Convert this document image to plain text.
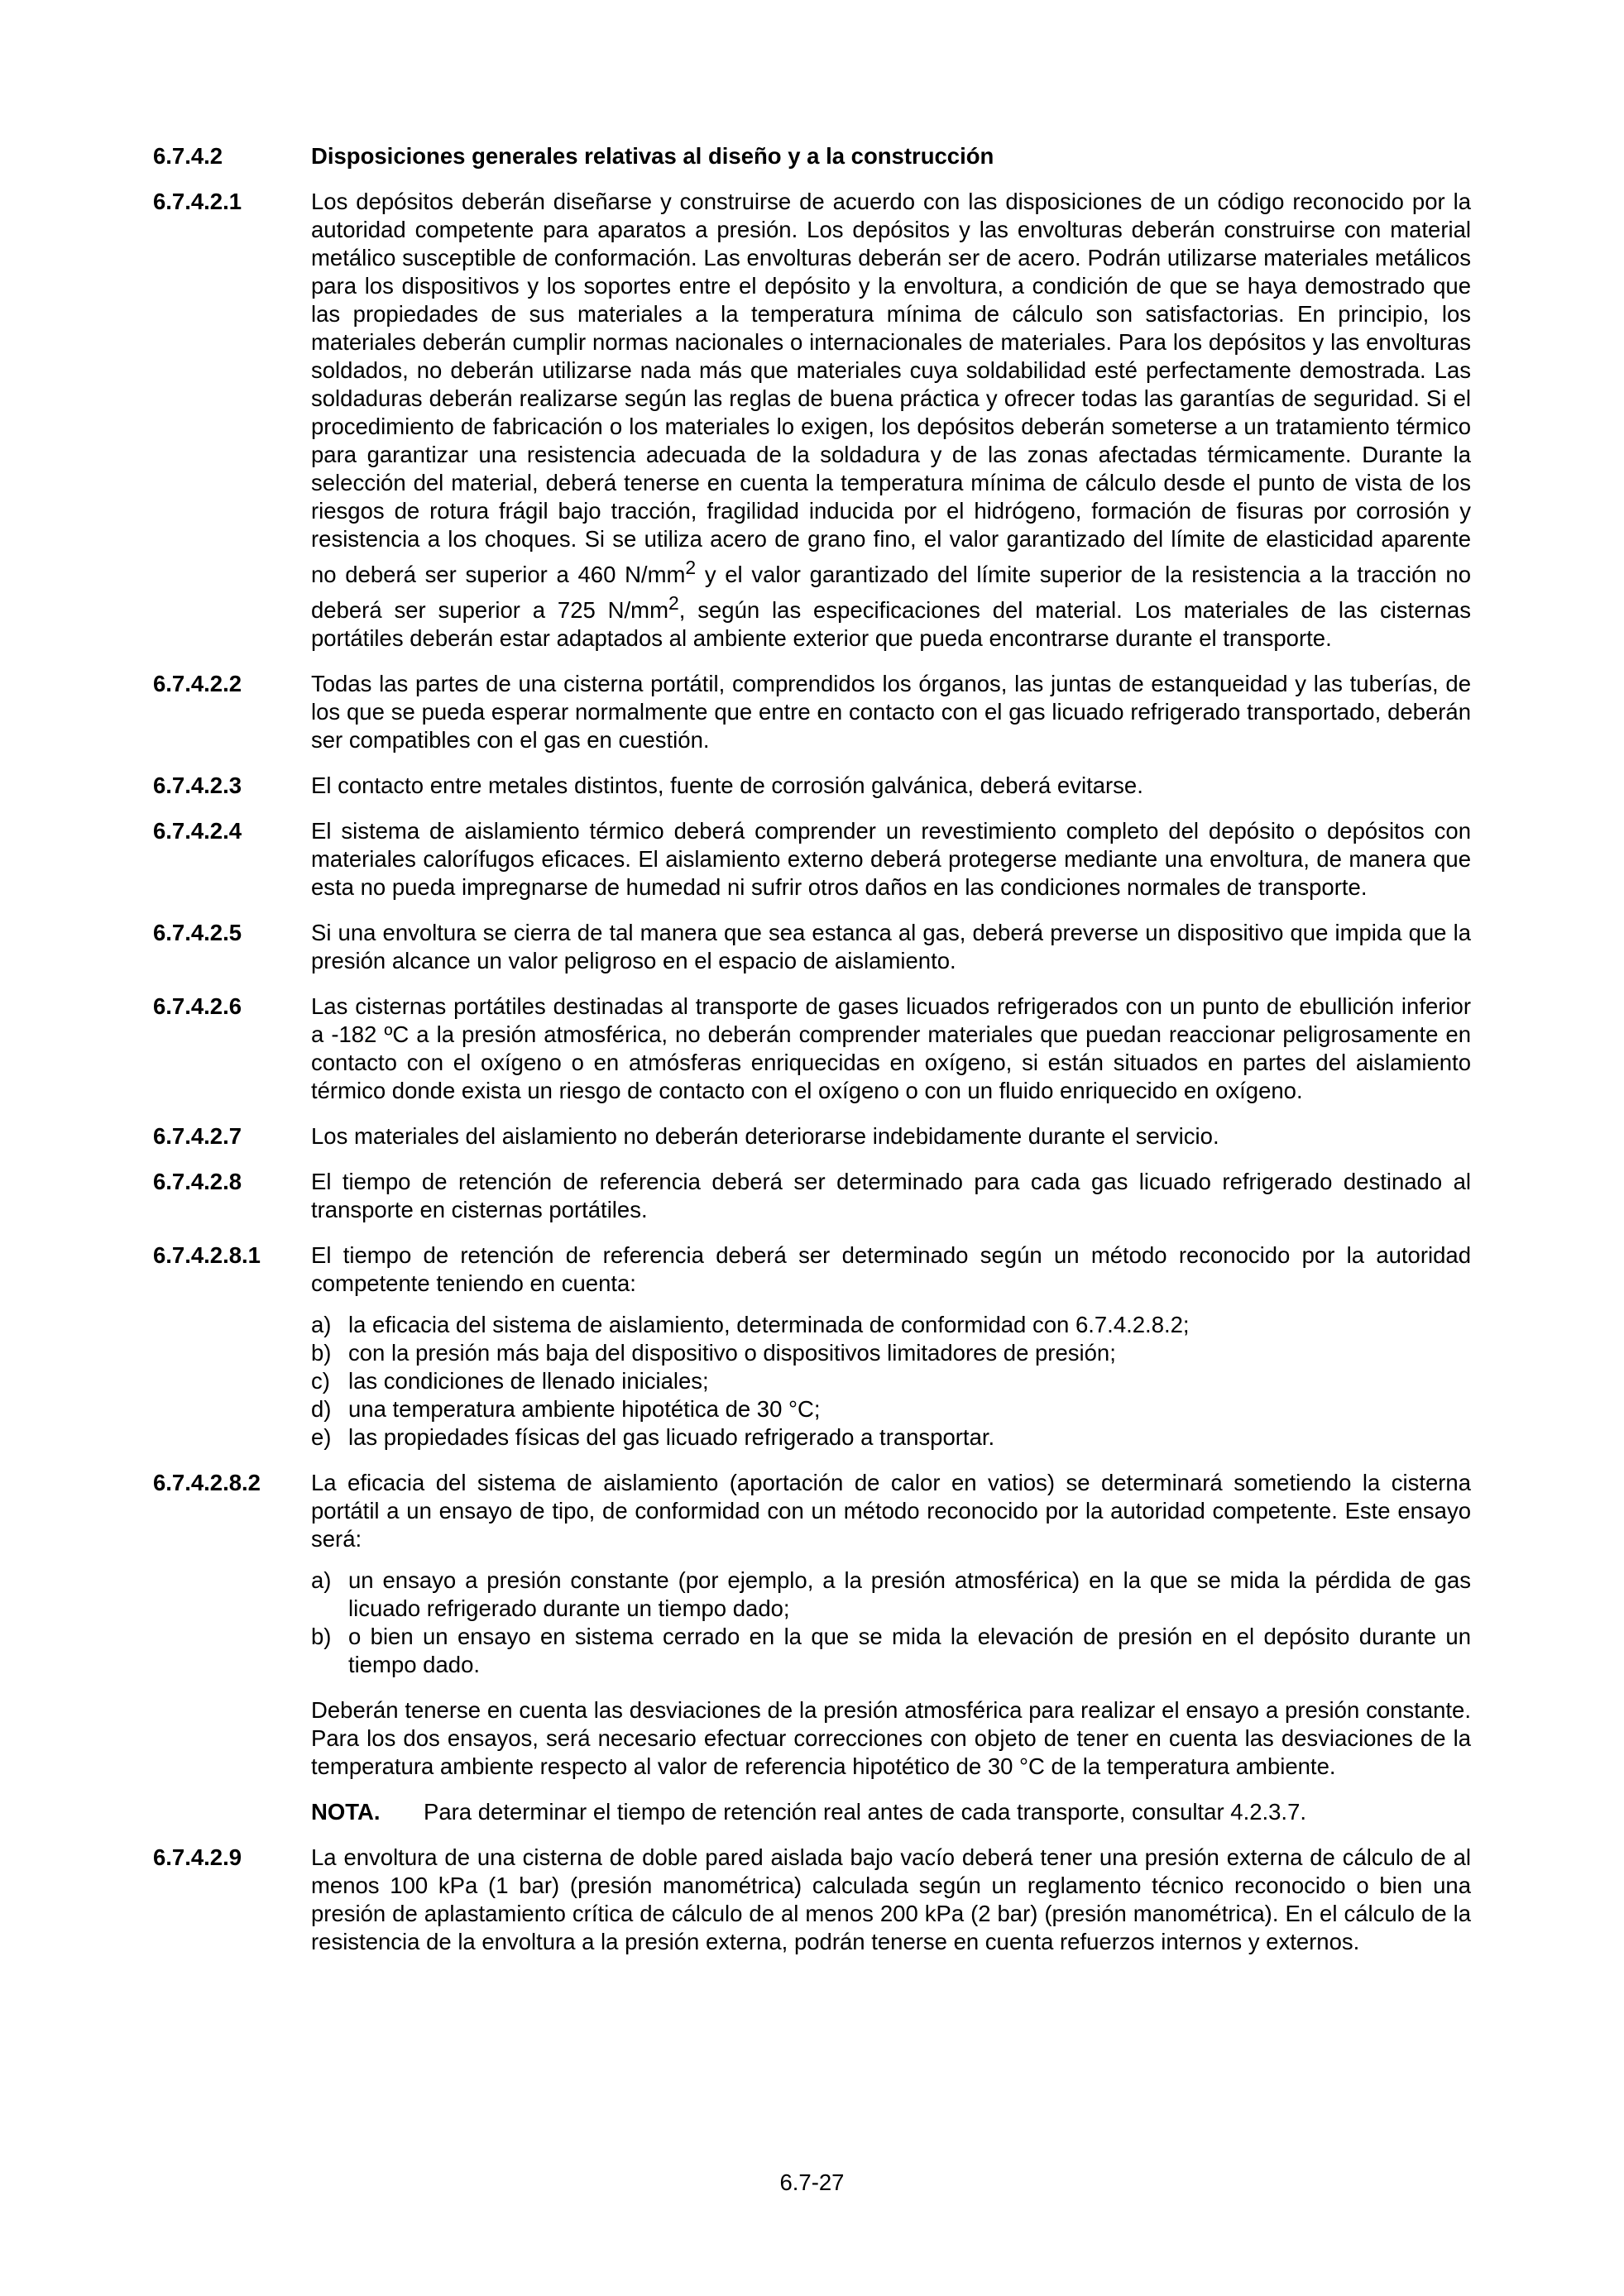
6.7.4.2	Disposiciones generales relativas al diseño y a la construcción
6.7.4.2.1	Los depósitos deberán diseñarse y construirse de acuerdo con las disposiciones de un código reconocido por la autoridad competente para aparatos a presión. Los depósitos y las envolturas deberán construirse con material metálico susceptible de conformación. Las envolturas deberán ser de acero. Podrán utilizarse materiales metálicos para los dispositivos y los soportes entre el depósito y la envoltura, a condición de que se haya demostrado que las propiedades de sus materiales a la temperatura mínima de cálculo son satisfactorias. En principio, los materiales deberán cumplir normas nacionales o internacionales de materiales. Para los depósitos y las envolturas soldados, no deberán utilizarse nada más que materiales cuya soldabilidad esté perfectamente demostrada. Las soldaduras deberán realizarse según las reglas de buena práctica y ofrecer todas las garantías de seguridad. Si el procedimiento de fabricación o los materiales lo exigen, los depósitos deberán someterse a un tratamiento térmico para garantizar una resistencia adecuada de la soldadura y de las zonas afectadas térmicamente. Durante la selección del material, deberá tenerse en cuenta la temperatura mínima de cálculo desde el punto de vista de los riesgos de rotura frágil bajo tracción, fragilidad inducida por el hidrógeno, formación de fisuras por corrosión y resistencia a los choques. Si se utiliza acero de grano fino, el valor garantizado del límite de elasticidad aparente no deberá ser superior a 460 $N/mm^2$ y el valor garantizado del límite superior de la resistencia a la tracción no deberá ser superior a 725 $N/mm^2$, según las especificaciones del material. Los materiales de las cisternas portátiles deberán estar adaptados al ambiente exterior que pueda encontrarse durante el transporte.
6.7.4.2.2	Todas las partes de una cisterna portátil, comprendidos los órganos, las juntas de estanqueidad y las tuberías, de los que se pueda esperar normalmente que entre en contacto con el gas licuado refrigerado transportado, deberán ser compatibles con el gas en cuestión.
6.7.4.2.3	El contacto entre metales distintos, fuente de corrosión galvánica, deberá evitarse.
6.7.4.2.4	El sistema de aislamiento térmico deberá comprender un revestimiento completo del depósito o depósitos con materiales calorífugos eficaces. El aislamiento externo deberá protegerse mediante una envoltura, de manera que esta no pueda impregnarse de humedad ni sufrir otros daños en las condiciones normales de transporte.
6.7.4.2.5	Si una envoltura se cierra de tal manera que sea estanca al gas, deberá preverse un dispositivo que impida que la presión alcance un valor peligroso en el espacio de aislamiento.
6.7.4.2.6	Las cisternas portátiles destinadas al transporte de gases licuados refrigerados con un punto de ebullición inferior a -182 ºC a la presión atmosférica, no deberán comprender materiales que puedan reaccionar peligrosamente en contacto con el oxígeno o en atmósferas enriquecidas en oxígeno, si están situados en partes del aislamiento térmico donde exista un riesgo de contacto con el oxígeno o con un fluido enriquecido en oxígeno.
6.7.4.2.7	Los materiales del aislamiento no deberán deteriorarse indebidamente durante el servicio.
6.7.4.2.8	El tiempo de retención de referencia deberá ser determinado para cada gas licuado refrigerado destinado al transporte en cisternas portátiles.
6.7.4.2.8.1	El tiempo de retención de referencia deberá ser determinado según un método reconocido por la autoridad competente teniendo en cuenta:
a) la eficacia del sistema de aislamiento, determinada de conformidad con 6.7.4.2.8.2;
b) con la presión más baja del dispositivo o dispositivos limitadores de presión;
c) las condiciones de llenado iniciales;
d) una temperatura ambiente hipotética de 30 °C;
e) las propiedades físicas del gas licuado refrigerado a transportar.
6.7.4.2.8.2	La eficacia del sistema de aislamiento (aportación de calor en vatios) se determinará sometiendo la cisterna portátil a un ensayo de tipo, de conformidad con un método reconocido por la autoridad competente. Este ensayo será:
a) un ensayo a presión constante (por ejemplo, a la presión atmosférica) en la que se mida la pérdida de gas licuado refrigerado durante un tiempo dado;
b) o bien un ensayo en sistema cerrado en la que se mida la elevación de presión en el depósito durante un tiempo dado.
Deberán tenerse en cuenta las desviaciones de la presión atmosférica para realizar el ensayo a presión constante. Para los dos ensayos, será necesario efectuar correcciones con objeto de tener en cuenta las desviaciones de la temperatura ambiente respecto al valor de referencia hipotético de 30 °C de la temperatura ambiente.
NOTA.	Para determinar el tiempo de retención real antes de cada transporte, consultar 4.2.3.7.
6.7.4.2.9	La envoltura de una cisterna de doble pared aislada bajo vacío deberá tener una presión externa de cálculo de al menos 100 kPa (1 bar) (presión manométrica) calculada según un reglamento técnico reconocido o bien una presión de aplastamiento crítica de cálculo de al menos 200 kPa (2 bar) (presión manométrica). En el cálculo de la resistencia de la envoltura a la presión externa, podrán tenerse en cuenta refuerzos internos y externos.
6.7-27
